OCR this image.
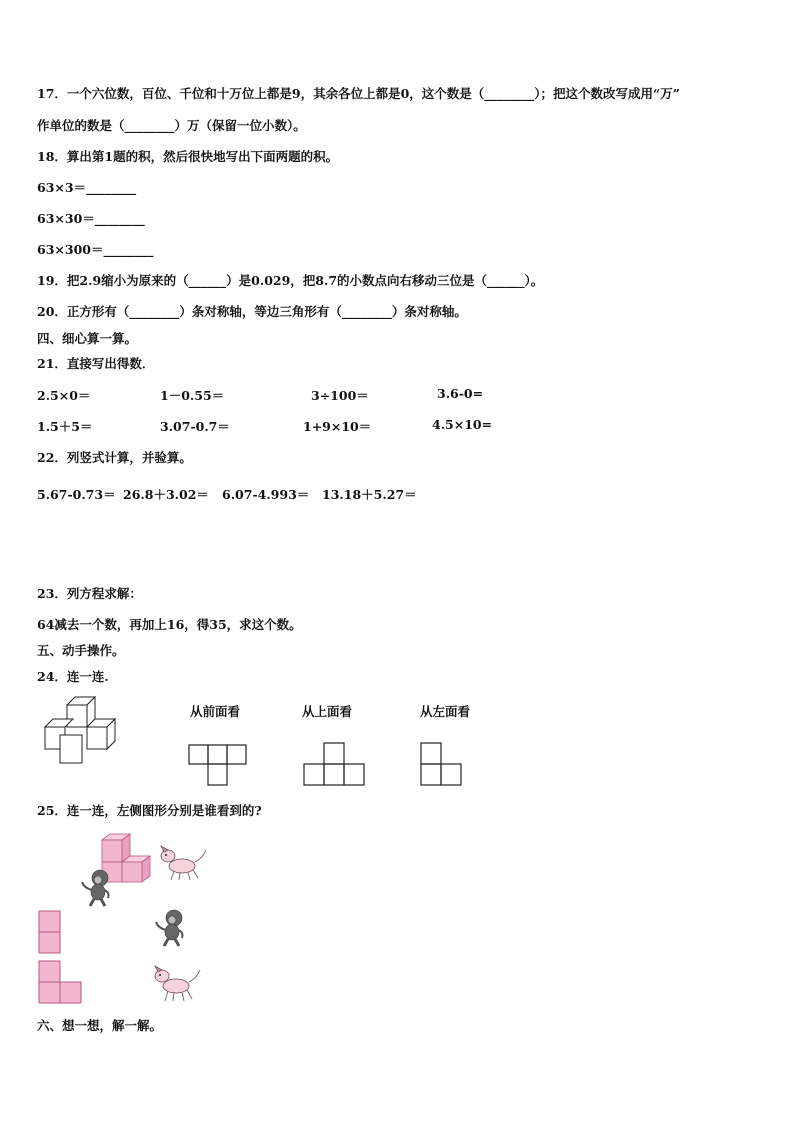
17．一个六位数，百位、千位和十万位上都是9，其余各位上都是0，这个数是（________）；把这个数改写成用“万”
作单位的数是（________）万（保留一位小数）。
18．算出第1题的积，然后很快地写出下面两题的积。
63×3＝________
63×30＝________
63×300＝________
19．把2.9缩小为原来的（______）是0.029，把8.7的小数点向右移动三位是（______）。
20．正方形有（________）条对称轴，等边三角形有（________）条对称轴。
四、细心算一算。
21．直接写出得数．
2.5×0＝	1－0.55＝	3÷100＝	3.6-0=
1.5＋5＝	3.07-0.7＝	1+9×10＝	4.5×10=
22．列竖式计算，并验算。
5.67-0.73＝ 26.8＋3.02＝ 6.07-4.993＝ 13.18＋5.27＝
23．列方程求解：
64减去一个数，再加上16，得35，求这个数。
五、动手操作。
24．连一连.
从前面看	从上面看	从左面看
25．连一连，左侧图形分别是谁看到的?
六、想一想，解一解。
